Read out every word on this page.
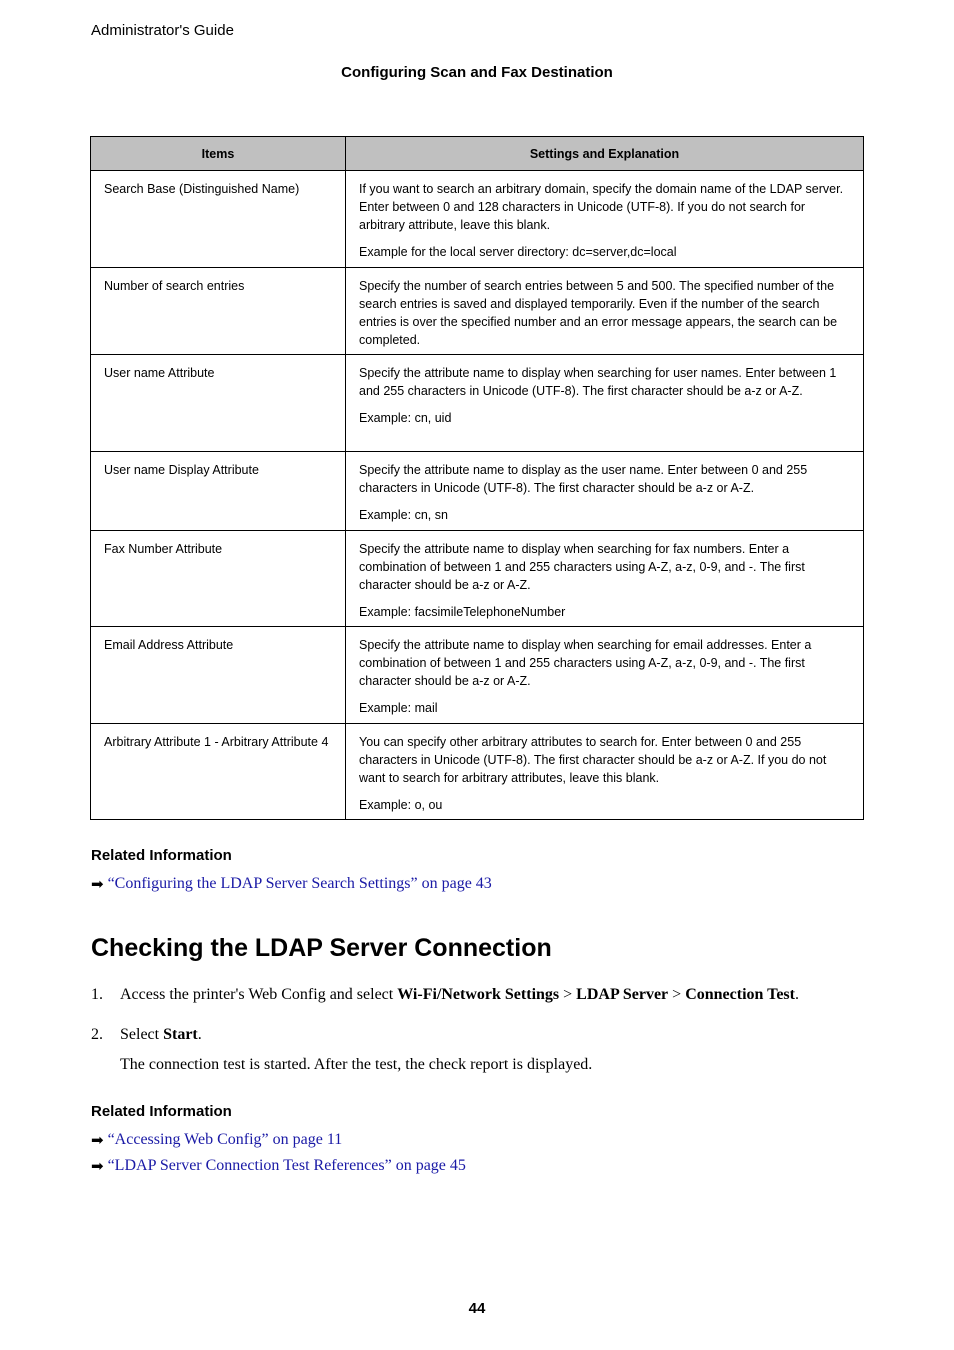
Administrator's Guide
Configuring Scan and Fax Destination
Items	Settings and Explanation
Search Base (Distinguished Name)	If you want to search an arbitrary domain, specify the domain name of the LDAP server. Enter between 0 and 128 characters in Unicode (UTF-8). If you do not search for arbitrary attribute, leave this blank.

Example for the local server directory: dc=server,dc=local

Number of search entries	Specify the number of search entries between 5 and 500. The specified number of the search entries is saved and displayed temporarily. Even if the number of the search entries is over the specified number and an error message appears, the search can be completed.

User name Attribute	Specify the attribute name to display when searching for user names. Enter between 1 and 255 characters in Unicode (UTF-8). The first character should be a-z or A-Z.

Example: cn, uid

User name Display Attribute	Specify the attribute name to display as the user name. Enter between 0 and 255 characters in Unicode (UTF-8). The first character should be a-z or A-Z.

Example: cn, sn

Fax Number Attribute	Specify the attribute name to display when searching for fax numbers. Enter a combination of between 1 and 255 characters using A-Z, a-z, 0-9, and -. The first character should be a-z or A-Z.

Example: facsimileTelephoneNumber

Email Address Attribute	Specify the attribute name to display when searching for email addresses. Enter a combination of between 1 and 255 characters using A-Z, a-z, 0-9, and -. The first character should be a-z or A-Z.

Example: mail

Arbitrary Attribute 1 - Arbitrary Attribute 4	You can specify other arbitrary attributes to search for. Enter between 0 and 255 characters in Unicode (UTF-8). The first character should be a-z or A-Z. If you do not want to search for arbitrary attributes, leave this blank.

Example: o, ou

Related Information
➡ “Configuring the LDAP Server Search Settings” on page 43
Checking the LDAP Server Connection
1. Access the printer's Web Config and select Wi-Fi/Network Settings > LDAP Server > Connection Test.
2. Select Start.
The connection test is started. After the test, the check report is displayed.
Related Information
➡ “Accessing Web Config” on page 11
➡ “LDAP Server Connection Test References” on page 45
44
